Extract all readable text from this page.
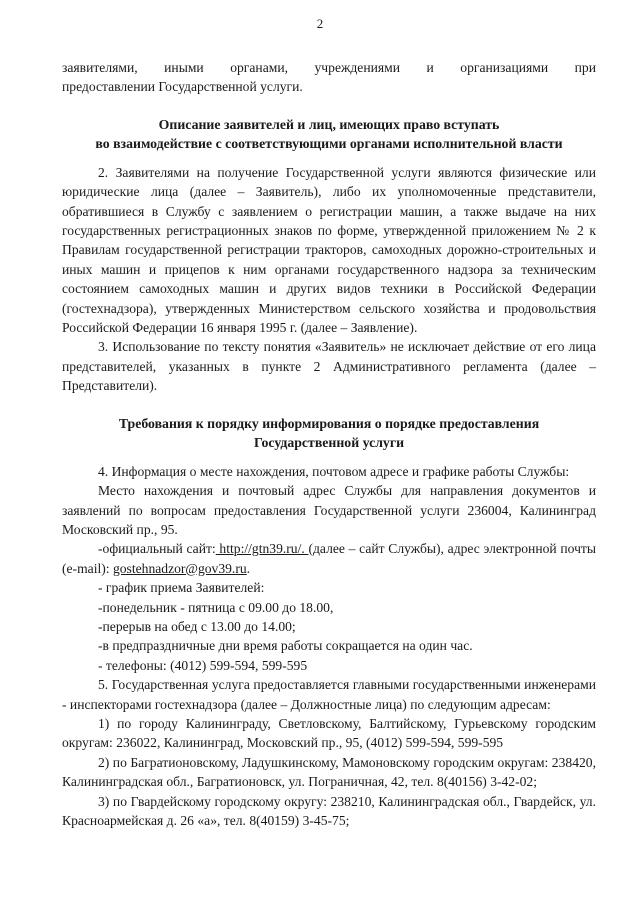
2

заявителями, иными органами, учреждениями и организациями при

предоставлении Государственной услуги.

Описание заявителей и лиц, имеющих право вступать
во взаимодействие с соответствующими органами исполнительной власти

2. Заявителями на получение Государственной услуги являются физические или юридические лица (далее – Заявитель), либо их уполномоченные представители, обратившиеся в Службу с заявлением о регистрации машин, а также выдаче на них государственных регистрационных знаков по форме, утвержденной приложением № 2 к Правилам государственной регистрации тракторов, самоходных дорожно-строительных и иных машин и прицепов к ним органами государственного надзора за техническим состоянием самоходных машин и других видов техники в Российской Федерации (гостехнадзора), утвержденных Министерством сельского хозяйства и продовольствия Российской Федерации 16 января 1995 г. (далее – Заявление).

3. Использование по тексту понятия «Заявитель» не исключает действие от его лица представителей, указанных в пункте 2 Административного регламента (далее – Представители).

Требования к порядку информирования о порядке предоставления
Государственной услуги

4. Информация о месте нахождения, почтовом адресе и графике работы Службы:

Место нахождения и почтовый адрес Службы для направления документов и заявлений по вопросам предоставления Государственной услуги 236004, Калининград Московский пр., 95.

-официальный сайт: http://gtn39.ru/. (далее – сайт Службы), адрес электронной почты (e-mail): gostehnadzor@gov39.ru.

- график приема Заявителей:

-понедельник - пятница с 09.00 до 18.00,

-перерыв на обед с 13.00 до 14.00;

-в предпраздничные дни время работы сокращается на один час.

- телефоны: (4012) 599-594, 599-595

5. Государственная услуга предоставляется главными государственными инженерами - инспекторами гостехнадзора (далее – Должностные лица) по следующим адресам:

1) по городу Калининграду, Светловскому, Балтийскому, Гурьевскому городским округам: 236022, Калининград, Московский пр., 95, (4012) 599-594, 599-595

2) по Багратионовскому, Ладушкинскому, Мамоновскому городским округам: 238420, Калининградская обл., Багратионовск, ул. Пограничная, 42, тел. 8(40156) 3-42-02;

3) по Гвардейскому городскому округу: 238210, Калининградская обл., Гвардейск, ул. Красноармейская д. 26 «а», тел. 8(40159) 3-45-75;
